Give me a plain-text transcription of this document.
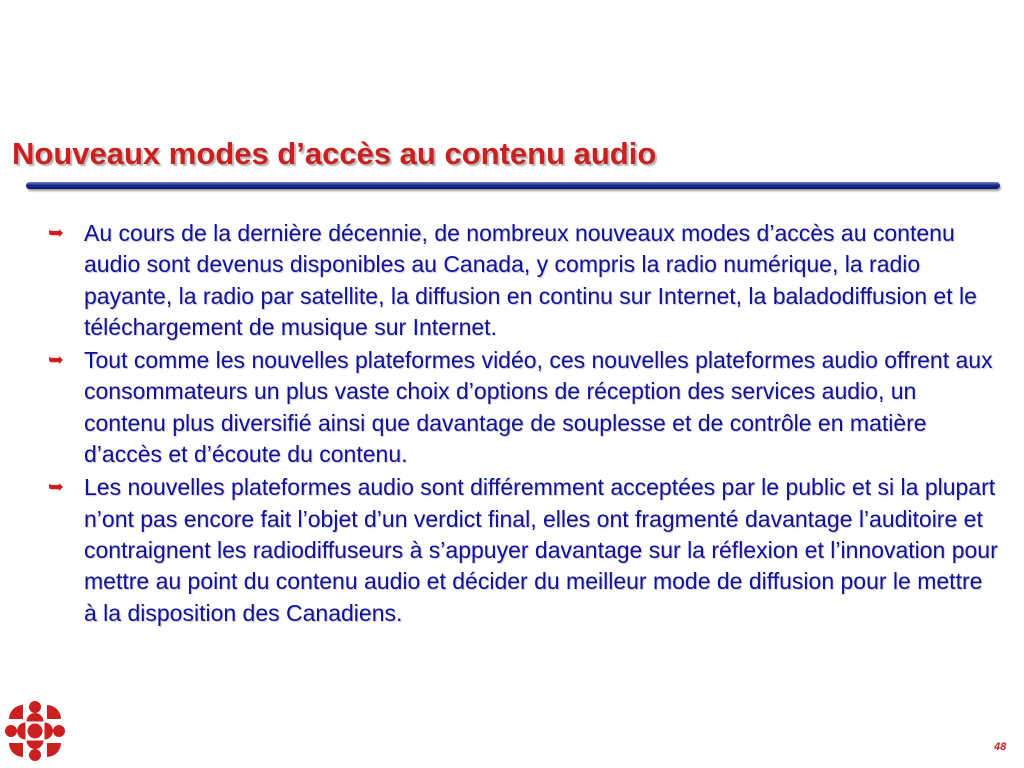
Nouveaux modes d’accès au contenu audio
➥ Au cours de la dernière décennie, de nombreux nouveaux modes d’accès au contenu audio sont devenus disponibles au Canada, y compris la radio numérique, la radio payante, la radio par satellite, la diffusion en continu sur Internet, la baladodiffusion et le téléchargement de musique sur Internet.
➥ Tout comme les nouvelles plateformes vidéo, ces nouvelles plateformes audio offrent aux consommateurs un plus vaste choix d’options de réception des services audio, un contenu plus diversifié ainsi que davantage de souplesse et de contrôle en matière d’accès et d’écoute du contenu.
➥ Les nouvelles plateformes audio sont différemment acceptées par le public et si la plupart n’ont pas encore fait l’objet d’un verdict final, elles ont fragmenté davantage l’auditoire et contraignent les radiodiffuseurs à s’appuyer davantage sur la réflexion et l’innovation pour mettre au point du contenu audio et décider du meilleur mode de diffusion pour le mettre à la disposition des Canadiens.
48
